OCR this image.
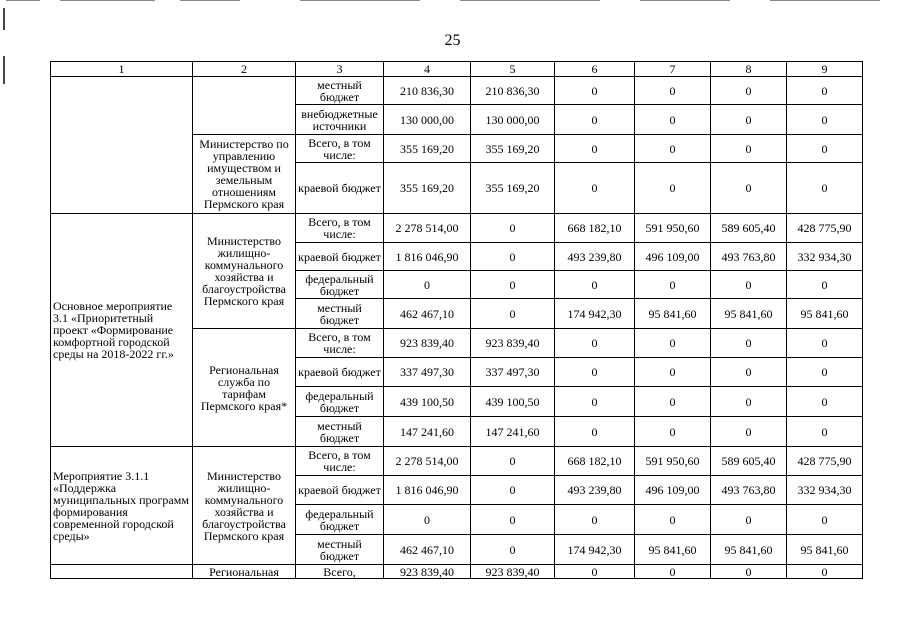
25
1	2	3	4	5	6	7	8	9
		местный бюджет	210 836,30	210 836,30	0	0	0	0
		внебюджетные источники	130 000,00	130 000,00	0	0	0	0
	Министерство по управлению имуществом и земельным отношениям Пермского края	Всего, в том числе:	355 169,20	355 169,20	0	0	0	0
		краевой бюджет	355 169,20	355 169,20	0	0	0	0
Основное мероприятие 3.1 «Приоритетный проект «Формирование комфортной городской среды на 2018-2022 гг.»	Министерство жилищно-коммунального хозяйства и благоустройства Пермского края	Всего, в том числе:	2 278 514,00	0	668 182,10	591 950,60	589 605,40	428 775,90
		краевой бюджет	1 816 046,90	0	493 239,80	496 109,00	493 763,80	332 934,30
		федеральный бюджет	0	0	0	0	0	0
		местный бюджет	462 467,10	0	174 942,30	95 841,60	95 841,60	95 841,60
	Региональная служба по тарифам Пермского края*	Всего, в том числе:	923 839,40	923 839,40	0	0	0	0
		краевой бюджет	337 497,30	337 497,30	0	0	0	0
		федеральный бюджет	439 100,50	439 100,50	0	0	0	0
		местный бюджет	147 241,60	147 241,60	0	0	0	0
Мероприятие 3.1.1 «Поддержка муниципальных программ формирования современной городской среды»	Министерство жилищно-коммунального хозяйства и благоустройства Пермского края	Всего, в том числе:	2 278 514,00	0	668 182,10	591 950,60	589 605,40	428 775,90
		краевой бюджет	1 816 046,90	0	493 239,80	496 109,00	493 763,80	332 934,30
		федеральный бюджет	0	0	0	0	0	0
		местный бюджет	462 467,10	0	174 942,30	95 841,60	95 841,60	95 841,60
	Региональная	Всего,	923 839,40	923 839,40	0	0	0	0
